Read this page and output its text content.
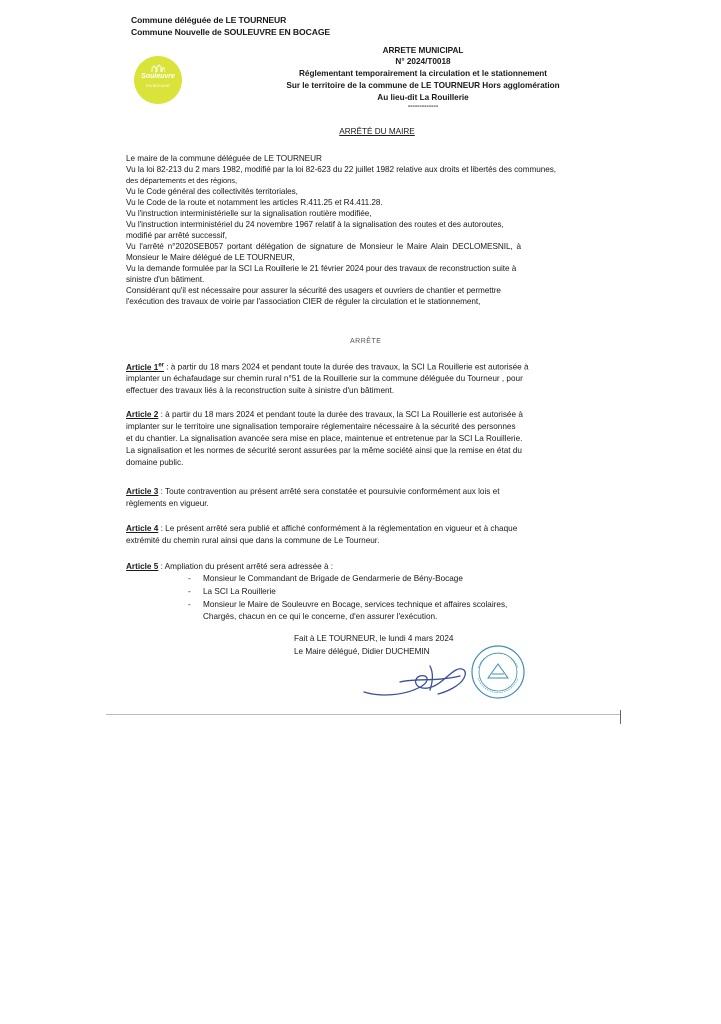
Commune déléguée de LE TOURNEUR
Commune Nouvelle de SOULEUVRE EN BOCAGE
Souleuvre
EN BOCAGE
ARRETE MUNICIPAL
N° 2024/T0018
Réglementant temporairement la circulation et le stationnement
Sur le territoire de la commune de LE TOURNEUR Hors agglomération
Au lieu-dit La Rouillerie
-------------
ARRÊTÉ DU MAIRE
Le maire de la commune déléguée de LE TOURNEUR
Vu la loi 82-213 du 2 mars 1982, modifié par la loi 82-623 du 22 juillet 1982 relative aux droits et libertés des communes,
des départements et des régions,
Vu le Code général des collectivités territoriales,
Vu le Code de la route et notamment les articles R.411.25 et R4.411.28.
Vu l'instruction interministérielle sur la signalisation routière modifiée,
Vu l'instruction interministériel du 24 novembre 1967 relatif à la signalisation des routes et des autoroutes,
modifié par arrêté successif,
Vu l'arrêté n°2020SEB057 portant délégation de signature de Monsieur le Maire Alain DECLOMESNIL, à
Monsieur le Maire délégué de LE TOURNEUR,
Vu la demande formulée par la SCI La Rouillerie le 21 février 2024 pour des travaux de reconstruction suite à
sinistre d'un bâtiment.
Considérant qu'il est nécessaire pour assurer la sécurité des usagers et ouvriers de chantier et permettre
l'exécution des travaux de voirie par l'association CIER de réguler la circulation et le stationnement,
ARRÊTE
Article 1er : à partir du 18 mars 2024 et pendant toute la durée des travaux, la SCI La Rouillerie est autorisée à
implanter un échafaudage sur chemin rural n°51 de la Rouillerie sur la commune déléguée du Tourneur , pour
effectuer des travaux liés à la reconstruction suite à sinistre d'un bâtiment.
Article 2 : à partir du 18 mars 2024 et pendant toute la durée des travaux, la SCI La Rouillerie est autorisée à
implanter sur le territoire une signalisation temporaire réglementaire nécessaire à la sécurité des personnes
et du chantier. La signalisation avancée sera mise en place, maintenue et entretenue par la SCI La Rouillerie.
La signalisation et les normes de sécurité seront assurées par la même société ainsi que la remise en état du
domaine public.
Article 3 : Toute contravention au présent arrêté sera constatée et poursuivie conformément aux lois et
règlements en vigueur.
Article 4 : Le présent arrêté sera publié et affiché conformément à la réglementation en vigueur et à chaque
extrémité du chemin rural ainsi que dans la commune de Le Tourneur.
Article 5 : Ampliation du présent arrêté sera adressée à :
- Monsieur le Commandant de Brigade de Gendarmerie de Bény-Bocage
- La SCI La Rouillerie
- Monsieur le Maire de Souleuvre en Bocage, services technique et affaires scolaires,
Chargés, chacun en ce qui le concerne, d'en assurer l'exécution.
Fait à LE TOURNEUR, le lundi 4 mars 2024
Le Maire délégué, Didier DUCHEMIN
